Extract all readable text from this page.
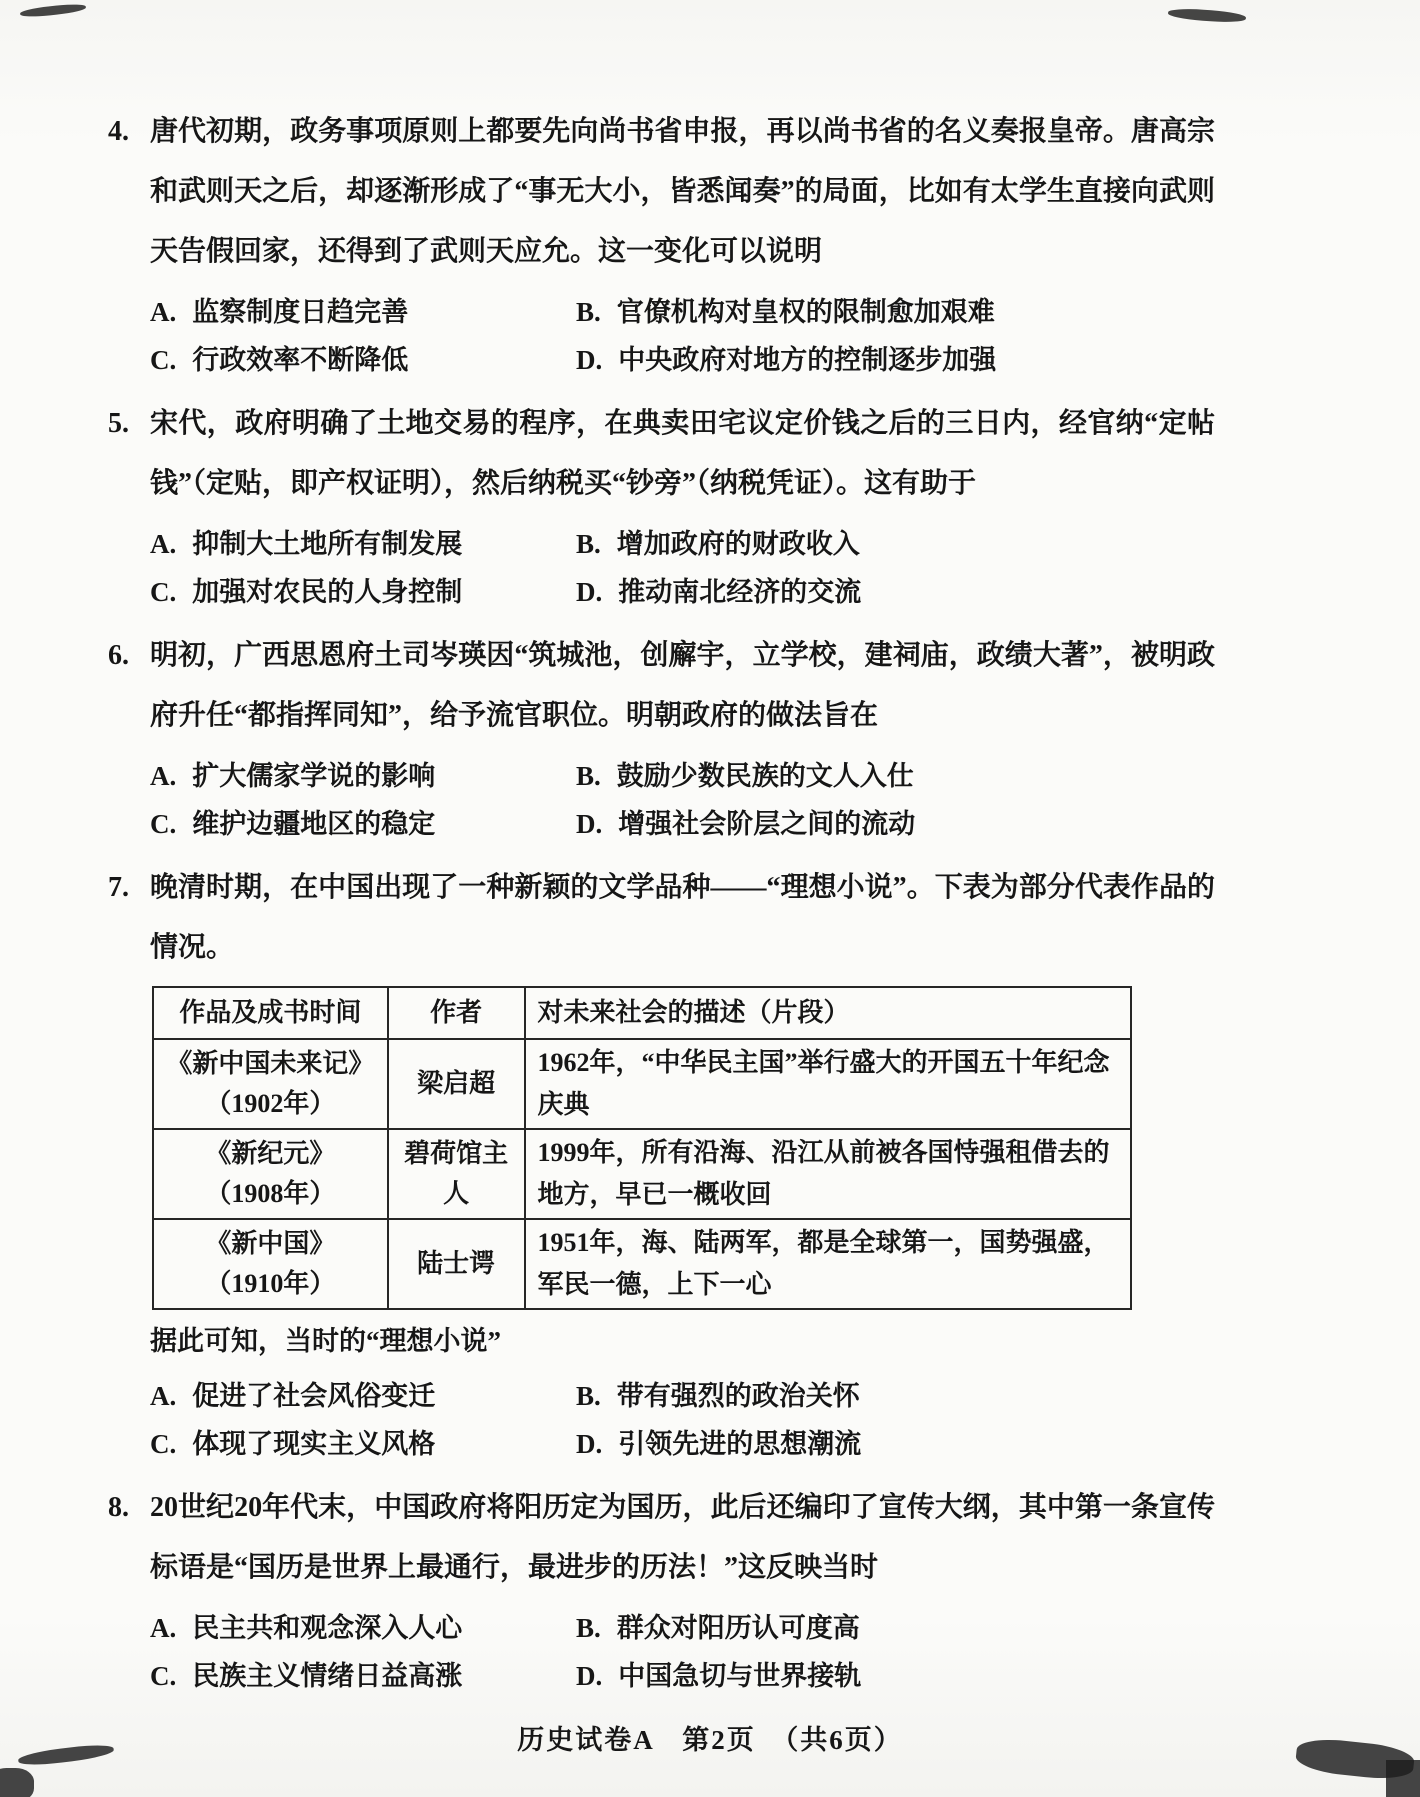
4. 唐代初期，政务事项原则上都要先向尚书省申报，再以尚书省的名义奏报皇帝。唐高宗和武则天之后，却逐渐形成了“事无大小，皆悉闻奏”的局面，比如有太学生直接向武则天告假回家，还得到了武则天应允。这一变化可以说明

A. 监察制度日趋完善	B. 官僚机构对皇权的限制愈加艰难
C. 行政效率不断降低	D. 中央政府对地方的控制逐步加强
5. 宋代，政府明确了土地交易的程序，在典卖田宅议定价钱之后的三日内，经官纳“定帖钱”（定贴，即产权证明），然后纳税买“钞旁”（纳税凭证）。这有助于

A. 抑制大土地所有制发展	B. 增加政府的财政收入
C. 加强对农民的人身控制	D. 推动南北经济的交流
6. 明初，广西思恩府土司岑瑛因“筑城池，创廨宇，立学校，建祠庙，政绩大著”，被明政府升任“都指挥同知”，给予流官职位。明朝政府的做法旨在

A. 扩大儒家学说的影响	B. 鼓励少数民族的文人入仕
C. 维护边疆地区的稳定	D. 增强社会阶层之间的流动
7. 晚清时期，在中国出现了一种新颖的文学品种——“理想小说”。下表为部分代表作品的情况。

作品及成书时间	作者	对未来社会的描述（片段）

《新中国未来记》
（1902年）	梁启超	1962年，“中华民主国”举行盛大的开国五十年纪念庆典

《新纪元》
（1908年）	碧荷馆主人	1999年，所有沿海、沿江从前被各国恃强租借去的地方，早已一概收回

《新中国》
（1910年）	陆士谔	1951年，海、陆两军，都是全球第一，国势强盛，军民一德，上下一心

据此可知，当时的“理想小说”

A. 促进了社会风俗变迁	B. 带有强烈的政治关怀
C. 体现了现实主义风格	D. 引领先进的思想潮流
8. 20世纪20年代末，中国政府将阳历定为国历，此后还编印了宣传大纲，其中第一条宣传标语是“国历是世界上最通行，最进步的历法！”这反映当时

A. 民主共和观念深入人心	B. 群众对阳历认可度高
C. 民族主义情绪日益高涨	D. 中国急切与世界接轨
历史试卷A　第2页　（共6页）
